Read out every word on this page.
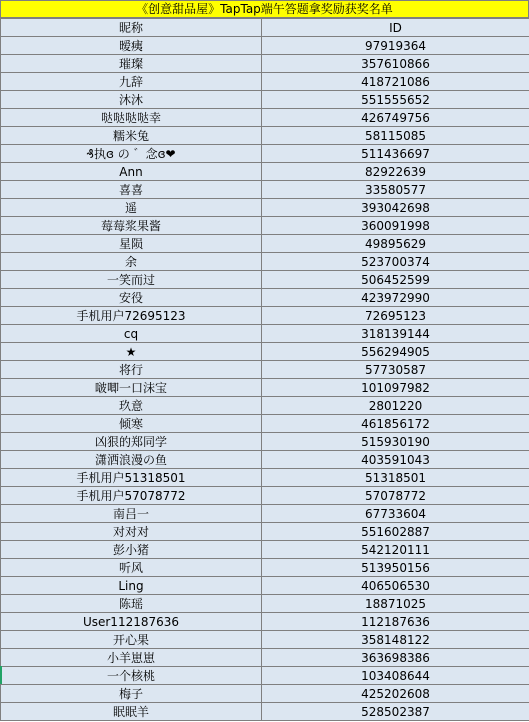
《创意甜品屋》TapTap端午答题拿奖励获奖名单
昵称	ID
暧痍	97919364
璀璨	357610866
九辞	418721086
沐沐	551555652
哒哒哒哒幸	426749756
糯米兔	58115085
₰执ɞ の ゛念ɞ❤	511436697
Ann	82922639
喜喜	33580577
遥	393042698
莓莓浆果酱	360091998
星陨	49895629
余	523700374
一笑而过	506452599
安役	423972990
手机用户72695123	72695123
cq	318139144
★	556294905
将行	57730587
啵唧一口沫宝	101097982
玖意	2801220
倾寒	461856172
凶狠的郑同学	515930190
潇洒浪漫の鱼	403591043
手机用户51318501	51318501
手机用户57078772	57078772
南吕一	67733604
对对对	551602887
彭小猪	542120111
听风	513950156
Ling	406506530
陈瑶	18871025
User112187636	112187636
开心果	358148122
小羊崽崽	363698386
一个核桃	103408644
梅子	425202608
眠眠羊	528502387
